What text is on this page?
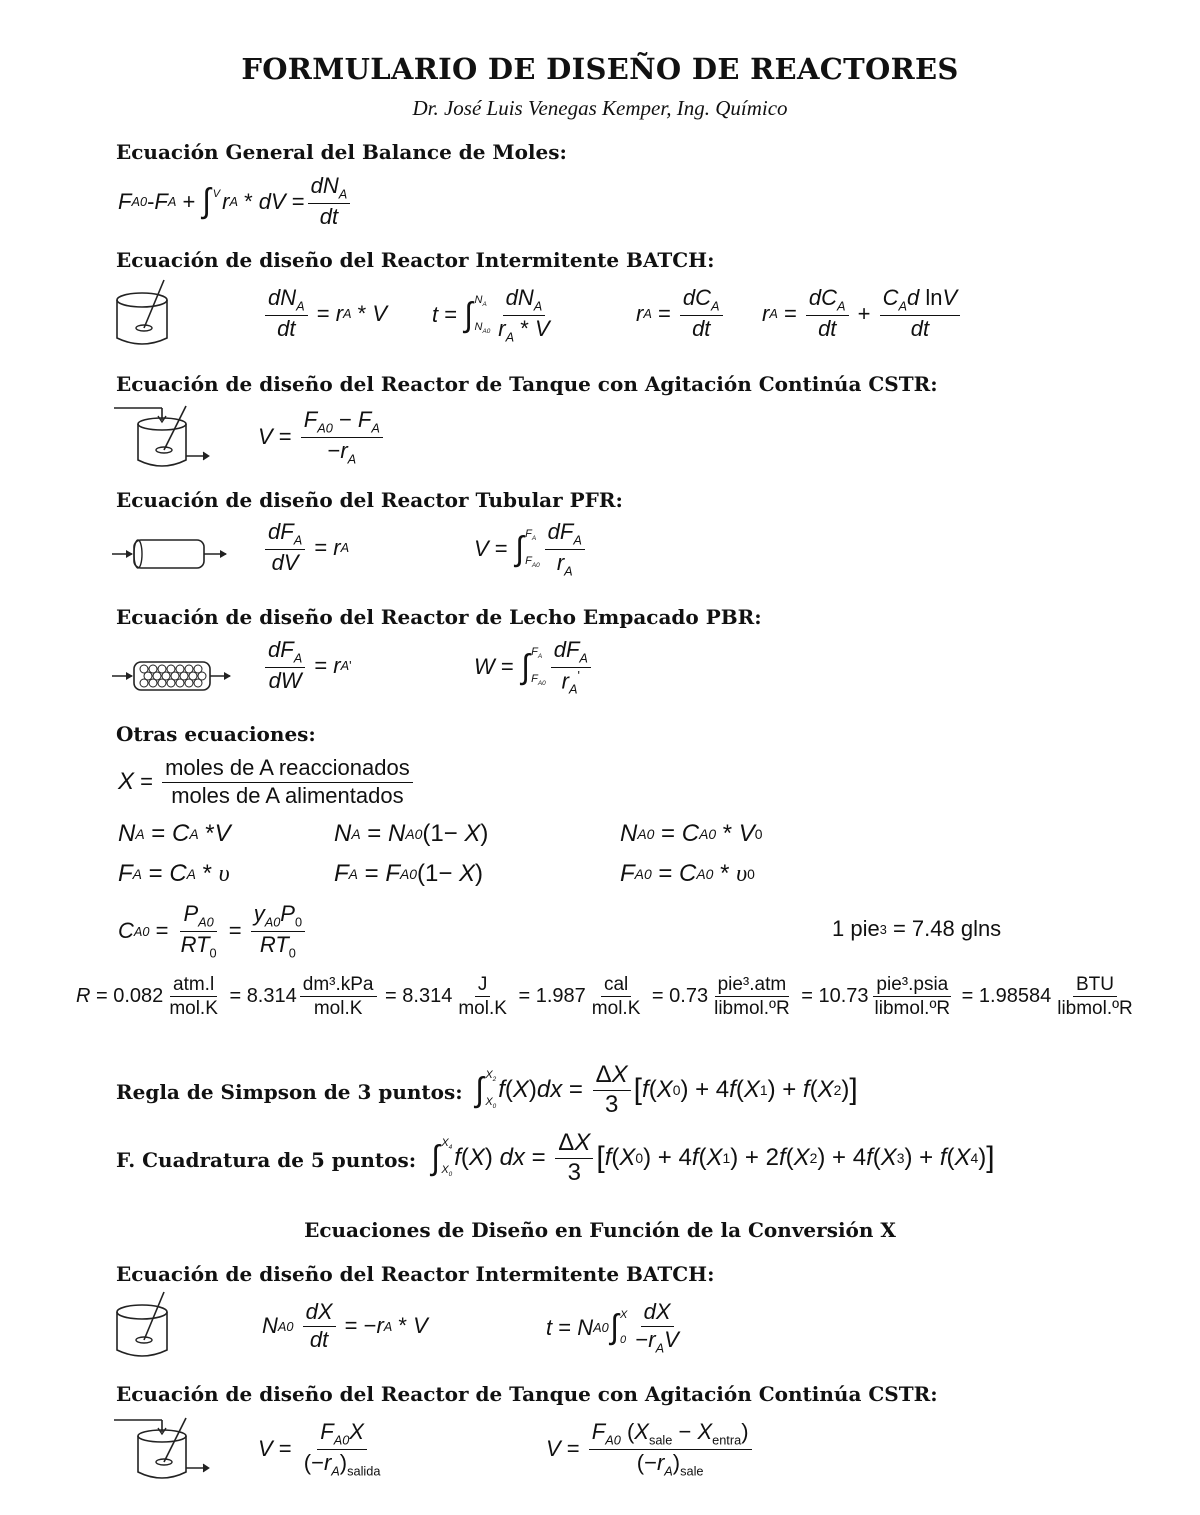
FORMULARIO DE DISEÑO DE REACTORES
Dr. José Luis Venegas Kemper, Ing. Químico
Ecuación General del Balance de Moles:
F A0 - F A + ∫ V r A * dV = $\frac{dN_A}{dt}$
Ecuación de diseño del Reactor Intermitente BATCH:
$\frac{dN_A}{dt} = r$ A * V t = ∫ $N_A$
$N_{A0} \frac{dN_A}{r_A * V}$	r $A = \frac{dC_A}{dt}$ r $A = \frac{dC_A}{dt} + \frac{C_Ad \ln V}{dt}$
Ecuación de diseño del Reactor de Tanque con Agitación Continúa CSTR:
$V = \frac{F_{A0} - F_A}{-r_A}$
Ecuación de diseño del Reactor Tubular PFR:
$\frac{dF_A}{dV} = r$ A	V = ∫ $F_A$
$F_{A0} \frac{dF_A}{r_A}$
Ecuación de diseño del Reactor de Lecho Empacado PBR:
$\frac{dF_A}{dW} = r$ A '	W = ∫ $F_A$
$F_{A0} \frac{dF_A}{r_A'}$
Otras ecuaciones:
$X = \frac{\text{moles de A reaccionados}}{\text{moles de A alimentados}}$
N A = C A * V	N A = N A0 (1− X )	N A0 = C A0 * V 0
F A = C A * υ	F A = F A0 (1− X )	F A0 = C A0 * υ 0
C $A0 = \frac{P_{A0}}{RT_0} = \frac{y_{A0}P_0}{RT_0}$	1 pie 3
= 7.48 glns
$R = 0.082 \frac{\text{atm.l}}{\text{mol.K}} = 8.314 \frac{\text{dm³.kPa}}{\text{mol.K}} = 8.314 \frac{J}{\text{mol.K}} = 1.987 \frac{\text{cal}}{\text{mol.K}} = 0.73 \frac{\text{pie³.atm}}{\text{libmol.ºR}} = 10.73 \frac{\text{pie³.psia}}{\text{libmol.ºR}} = 1.98584 \frac{\text{BTU}}{\text{libmol.ºR}}$
Regla de Simpson de 3 puntos: ∫ $X_2$
$X_0$
f ( X ) dx = $\frac{\Delta X}{3}$ [ f ( X 0 ) + 4 f ( X 1 ) + f ( X 2 ) ]
F. Cuadratura de 5 puntos: ∫ $X_4$
$X_0$
f ( X ) dx = $\frac{\Delta X}{3}$ [ f ( X 0 ) + 4 f ( X 1 ) + 2 f ( X 2 ) + 4 f ( X 3 ) + f ( X 4 ) ]
Ecuaciones de Diseño en Función de la Conversión X
Ecuación de diseño del Reactor Intermitente BATCH:
N A0
$\frac{dX}{dt}$ = − r A * V	t = N A0 ∫ X
$0 \frac{dX}{-r_AV}$
Ecuación de diseño del Reactor de Tanque con Agitación Continúa CSTR:
$V = \frac{F_{A0}X}{(-r_A)_{salida}}$	$V = \frac{F_{A0} (X_{sale} - X_{entra})}{(-r_A)_{sale}}$
